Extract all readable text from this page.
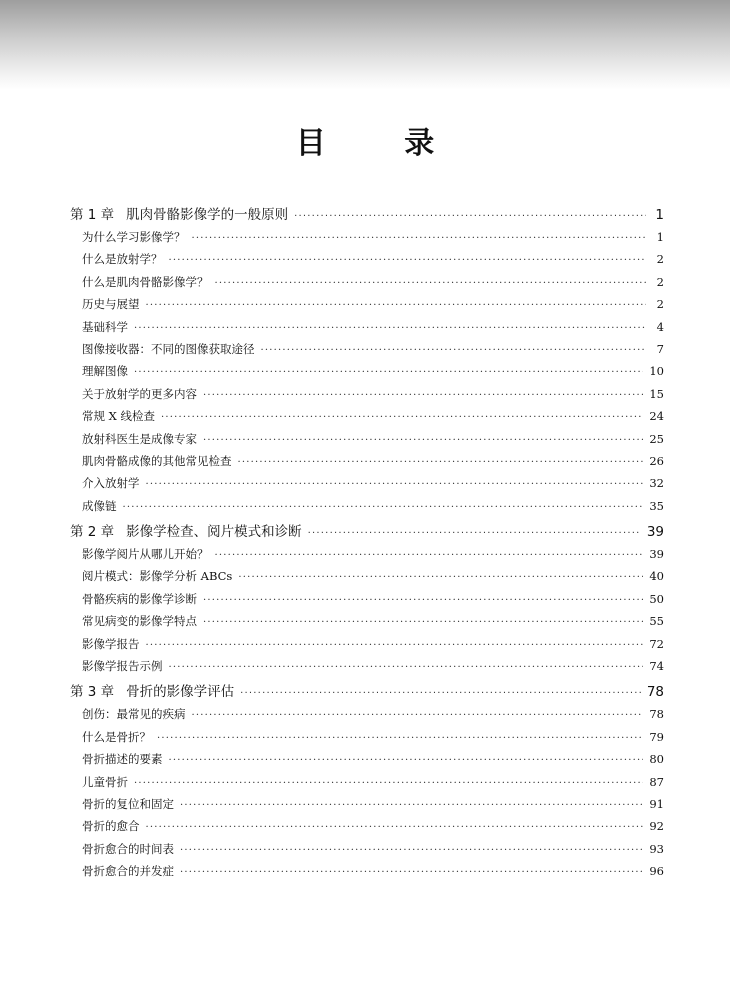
目 录
第 1 章 肌肉骨骼影像学的一般原则 ·····	1
为什么学习影像学？ ·····	1
什么是放射学？ ·····	2
什么是肌肉骨骼影像学？ ·····	2
历史与展望 ·····	2
基础科学 ·····	4
图像接收器：不同的图像获取途径 ·····	7
理解图像 ·····	10
关于放射学的更多内容 ·····	15
常规 X 线检查 ·····	24
放射科医生是成像专家 ·····	25
肌肉骨骼成像的其他常见检查 ·····	26
介入放射学 ·····	32
成像链 ·····	35
第 2 章 影像学检查、阅片模式和诊断 ·····	39
影像学阅片从哪儿开始？ ·····	39
阅片模式：影像学分析 ABCs ·····	40
骨骼疾病的影像学诊断 ·····	50
常见病变的影像学特点 ·····	55
影像学报告 ·····	72
影像学报告示例 ·····	74
第 3 章 骨折的影像学评估 ·····	78
创伤：最常见的疾病 ·····	78
什么是骨折？ ·····	79
骨折描述的要素 ·····	80
儿童骨折 ·····	87
骨折的复位和固定 ·····	91
骨折的愈合 ·····	92
骨折愈合的时间表 ·····	93
骨折愈合的并发症 ·····	96
